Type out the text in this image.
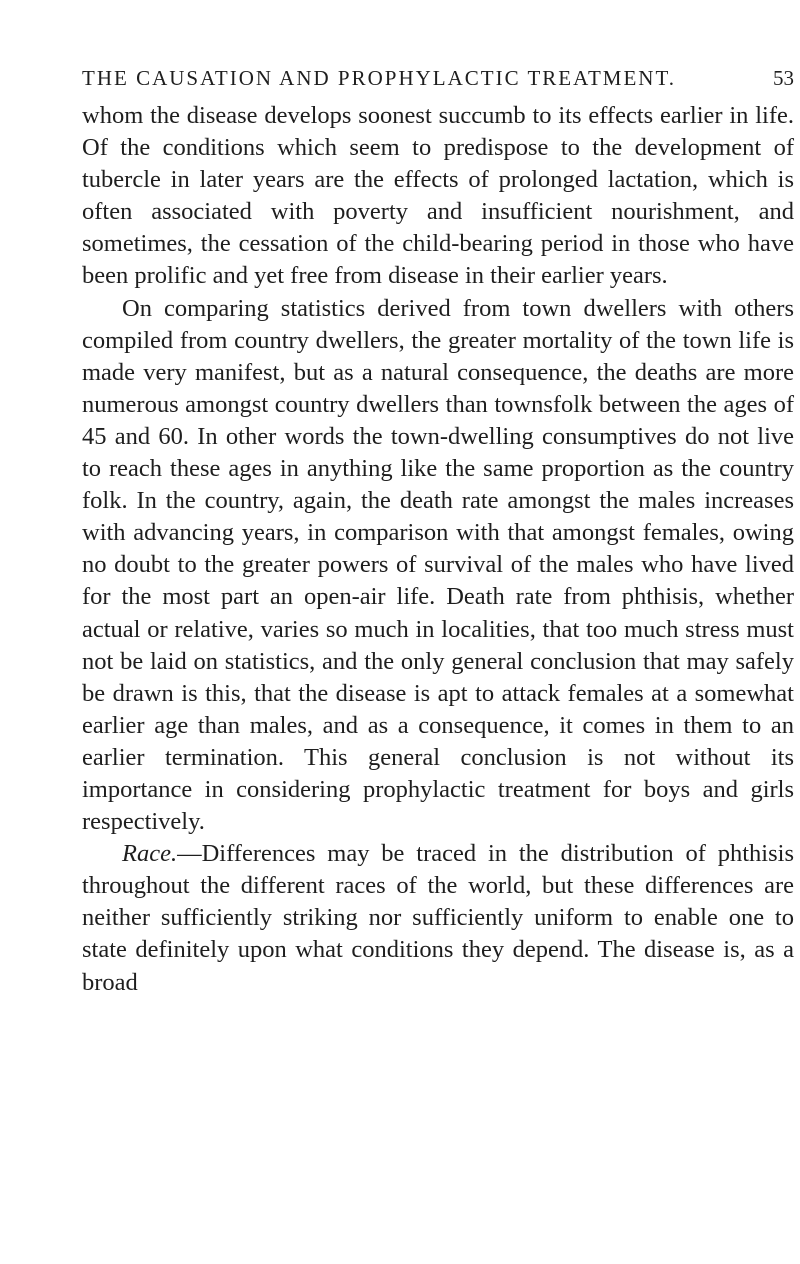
THE CAUSATION AND PROPHYLACTIC TREATMENT.	53

whom the disease develops soonest succumb to its effects earlier in life. Of the conditions which seem to predispose to the development of tubercle in later years are the effects of prolonged lactation, which is often associated with poverty and insufficient nourishment, and sometimes, the cessation of the child-bearing period in those who have been prolific and yet free from disease in their earlier years.

On comparing statistics derived from town dwellers with others compiled from country dwellers, the greater mortality of the town life is made very manifest, but as a natural consequence, the deaths are more numerous amongst country dwellers than townsfolk between the ages of 45 and 60. In other words the town-dwelling consumptives do not live to reach these ages in anything like the same proportion as the country folk. In the country, again, the death rate amongst the males increases with advancing years, in comparison with that amongst females, owing no doubt to the greater powers of survival of the males who have lived for the most part an open-air life. Death rate from phthisis, whether actual or relative, varies so much in localities, that too much stress must not be laid on statistics, and the only general conclusion that may safely be drawn is this, that the disease is apt to attack females at a somewhat earlier age than males, and as a consequence, it comes in them to an earlier termination. This general conclusion is not without its importance in considering prophylactic treatment for boys and girls respectively.

Race.—Differences may be traced in the distribution of phthisis throughout the different races of the world, but these differences are neither sufficiently striking nor sufficiently uniform to enable one to state definitely upon what conditions they depend. The disease is, as a broad
